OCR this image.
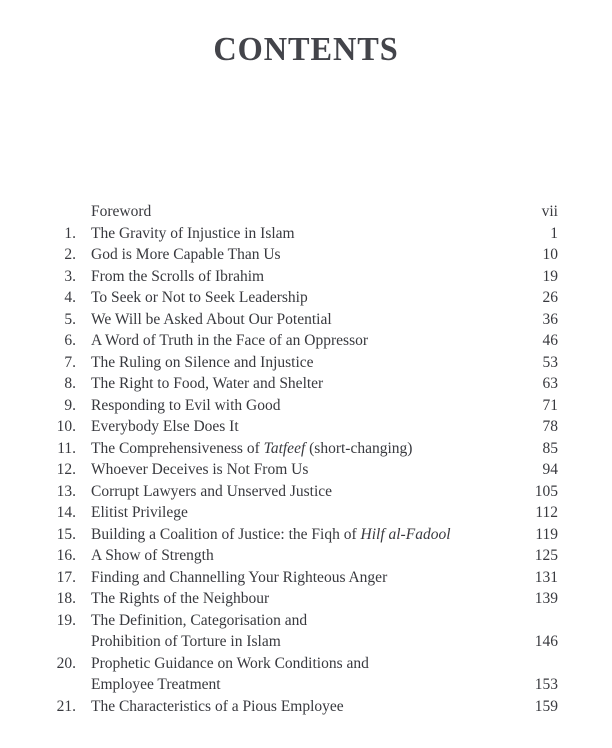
CONTENTS
Foreword	vii
1. The Gravity of Injustice in Islam	1
2. God is More Capable Than Us	10
3. From the Scrolls of Ibrahim	19
4. To Seek or Not to Seek Leadership	26
5. We Will be Asked About Our Potential	36
6. A Word of Truth in the Face of an Oppressor	46
7. The Ruling on Silence and Injustice	53
8. The Right to Food, Water and Shelter	63
9. Responding to Evil with Good	71
10. Everybody Else Does It	78
11. The Comprehensiveness of Tatfeef (short-changing)	85
12. Whoever Deceives is Not From Us	94
13. Corrupt Lawyers and Unserved Justice	105
14. Elitist Privilege	112
15. Building a Coalition of Justice: the Fiqh of Hilf al-Fadool	119
16. A Show of Strength	125
17. Finding and Channelling Your Righteous Anger	131
18. The Rights of the Neighbour	139
19. The Definition, Categorisation and
Prohibition of Torture in Islam	146
20. Prophetic Guidance on Work Conditions and
Employee Treatment	153
21. The Characteristics of a Pious Employee	159
